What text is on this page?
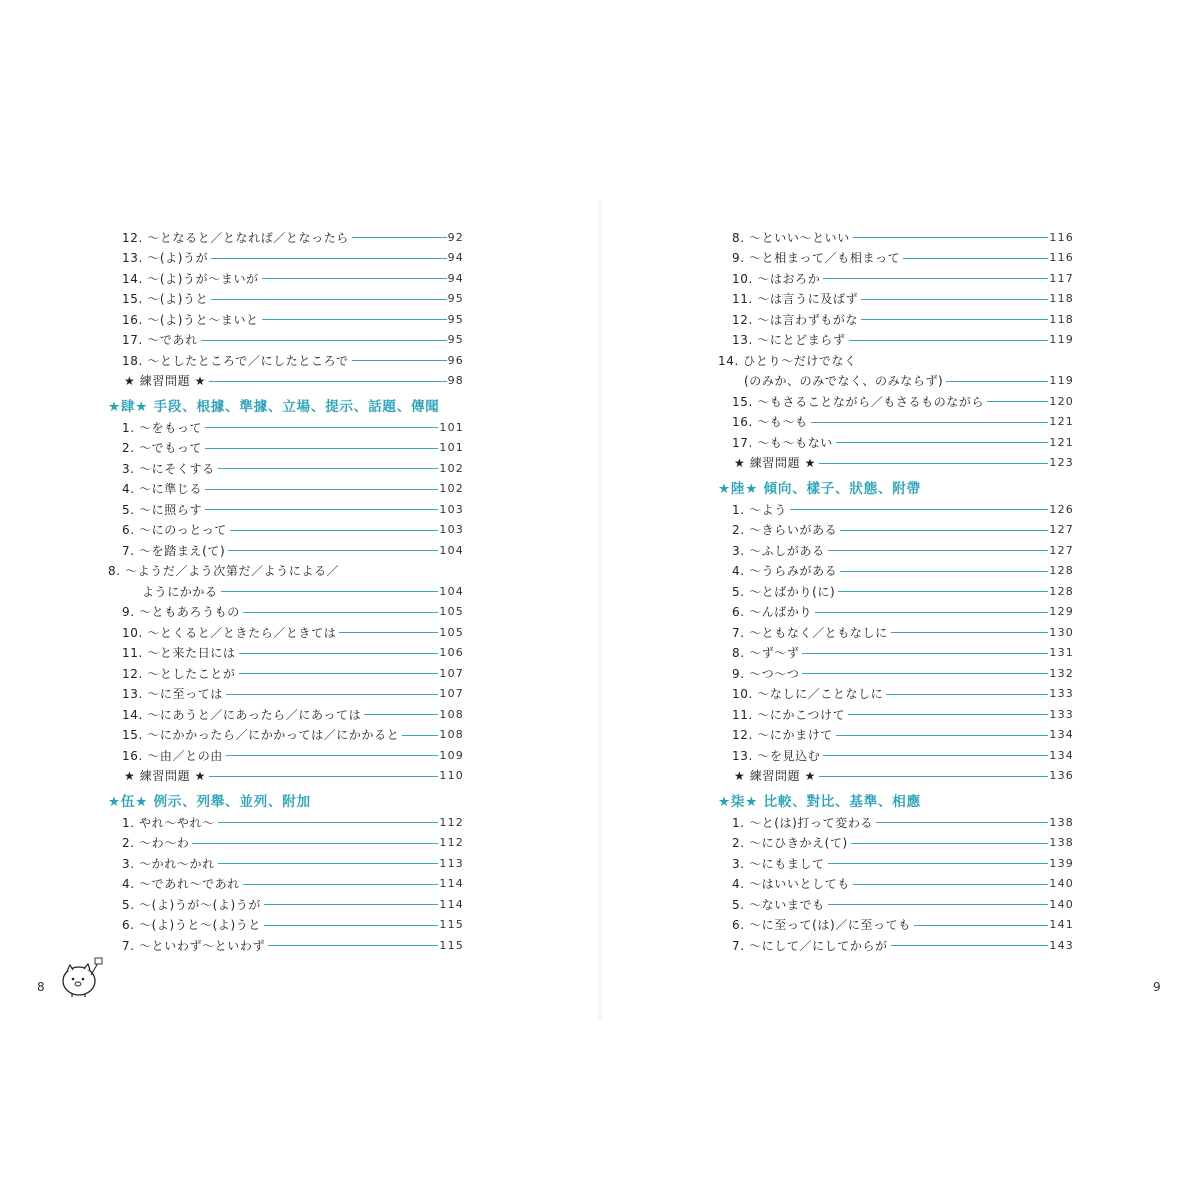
12. ～となると／となれば／となったら	92
13. ～(よ)うが	94
14. ～(よ)うが～まいが	94
15. ～(よ)うと	95
16. ～(よ)うと～まいと	95
17. ～であれ	95
18. ～としたところで／にしたところで	96
★ 練習問題 ★	98
★肆★ 手段、根據、準據、立場、提示、話題、傳聞
1. ～をもって	101
2. ～でもって	101
3. ～にそくする	102
4. ～に準じる	102
5. ～に照らす	103
6. ～にのっとって	103
7. ～を踏まえ(て)	104
8. ～ようだ／よう次第だ／ようによる／
ようにかかる	104
9. ～ともあろうもの	105
10. ～とくると／ときたら／ときては	105
11. ～と来た日には	106
12. ～としたことが	107
13. ～に至っては	107
14. ～にあうと／にあったら／にあっては	108
15. ～にかかったら／にかかっては／にかかると	108
16. ～由／との由	109
★ 練習問題 ★	110
★伍★ 例示、列舉、並列、附加
1. やれ～やれ～	112
2. ～わ～わ	112
3. ～かれ～かれ	113
4. ～であれ～であれ	114
5. ～(よ)うが～(よ)うが	114
6. ～(よ)うと～(よ)うと	115
7. ～といわず～といわず	115
8. ～といい～といい	116
9. ～と相まって／も相まって	116
10. ～はおろか	117
11. ～は言うに及ばず	118
12. ～は言わずもがな	118
13. ～にとどまらず	119
14. ひとり～だけでなく
(のみか、のみでなく、のみならず)	119
15. ～もさることながら／もさるものながら	120
16. ～も～も	121
17. ～も～もない	121
★ 練習問題 ★	123
★陸★ 傾向、樣子、狀態、附帶
1. ～よう	126
2. ～きらいがある	127
3. ～ふしがある	127
4. ～うらみがある	128
5. ～とばかり(に)	128
6. ～んばかり	129
7. ～ともなく／ともなしに	130
8. ～ず～ず	131
9. ～つ～つ	132
10. ～なしに／ことなしに	133
11. ～にかこつけて	133
12. ～にかまけて	134
13. ～を見込む	134
★ 練習問題 ★	136
★柒★ 比較、對比、基準、相應
1. ～と(は)打って変わる	138
2. ～にひきかえ(て)	138
3. ～にもまして	139
4. ～はいいとしても	140
5. ～ないまでも	140
6. ～に至って(は)／に至っても	141
7. ～にして／にしてからが	143
8	9
